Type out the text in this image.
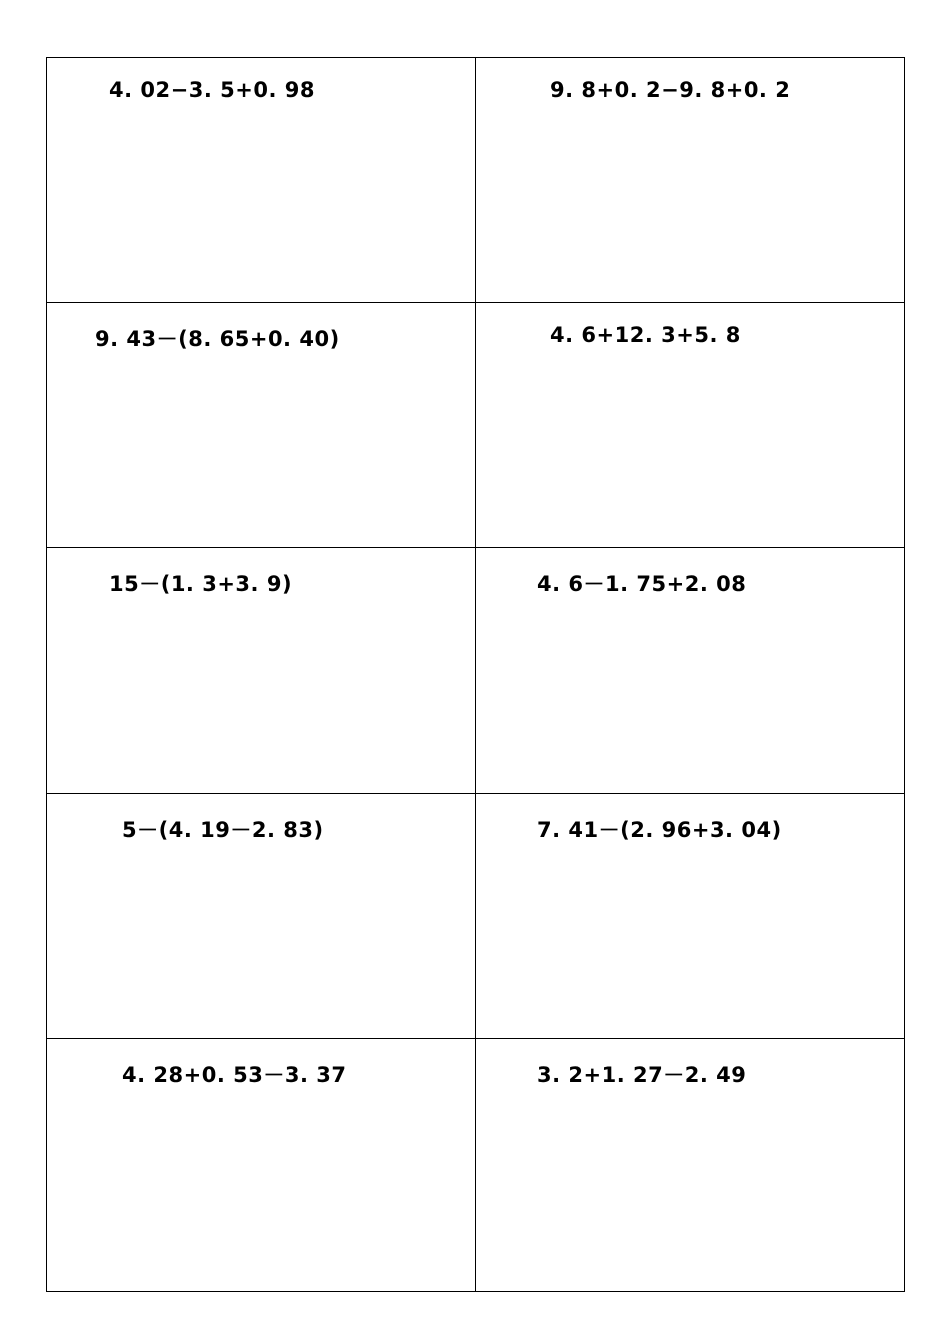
4. 02−3. 5+0. 98	9. 8+0. 2−9. 8+0. 2

9. 43－(8. 65+0. 40)	4. 6+12. 3+5. 8

15－(1. 3+3. 9)	4. 6－1. 75+2. 08

5－(4. 19－2. 83)	7. 41－(2. 96+3. 04)

4. 28+0. 53－3. 37	3. 2+1. 27－2. 49
